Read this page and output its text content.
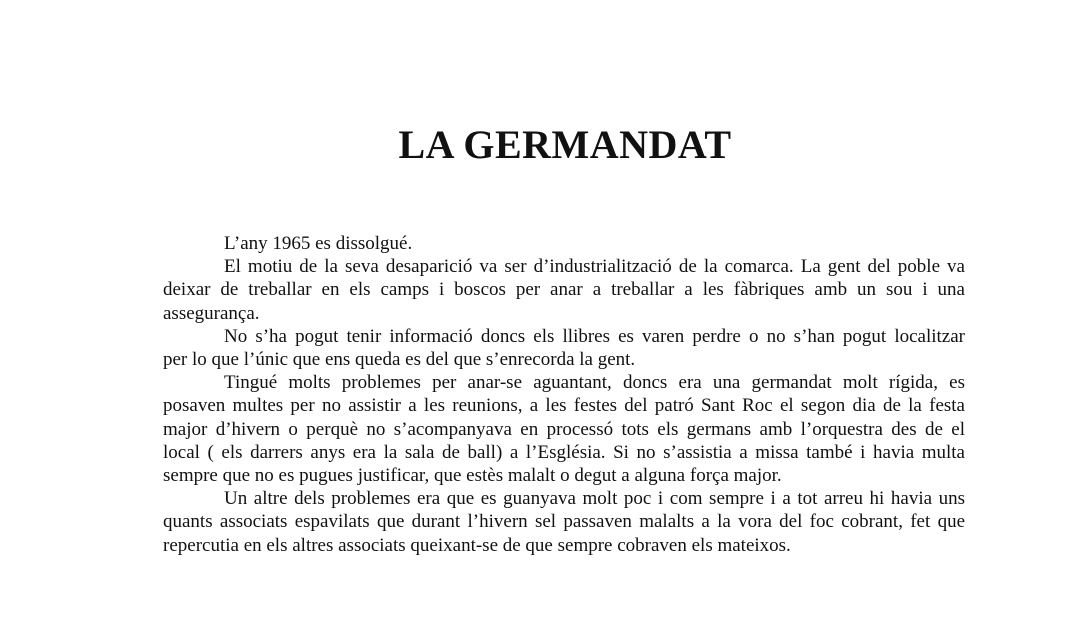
LA GERMANDAT
L’any 1965 es dissolgué.
El motiu de la seva desaparició va ser d’industrialització de la comarca. La gent del poble va
deixar de treballar en els camps i boscos per anar a treballar a les fàbriques amb un sou i una
assegurança.
No s’ha pogut tenir informació doncs els llibres es varen perdre o no s’han pogut localitzar
per lo que l’únic que ens queda es del que s’enrecorda la gent.
Tingué molts problemes per anar-se aguantant, doncs era una germandat molt rígida, es
posaven multes per no assistir a les reunions, a les festes del patró Sant Roc el segon dia de la festa
major d’hivern o perquè no s’acompanyava en processó tots els germans amb l’orquestra des de el
local ( els darrers anys era la sala de ball) a l’Església. Si no s’assistia a missa també i havia multa
sempre que no es pugues justificar, que estès malalt o degut a alguna força major.
Un altre dels problemes era que es guanyava molt poc i com sempre i a tot arreu hi havia uns
quants associats espavilats que durant l’hivern sel passaven malalts a la vora del foc cobrant, fet que
repercutia en els altres associats queixant-se de que sempre cobraven els mateixos.
